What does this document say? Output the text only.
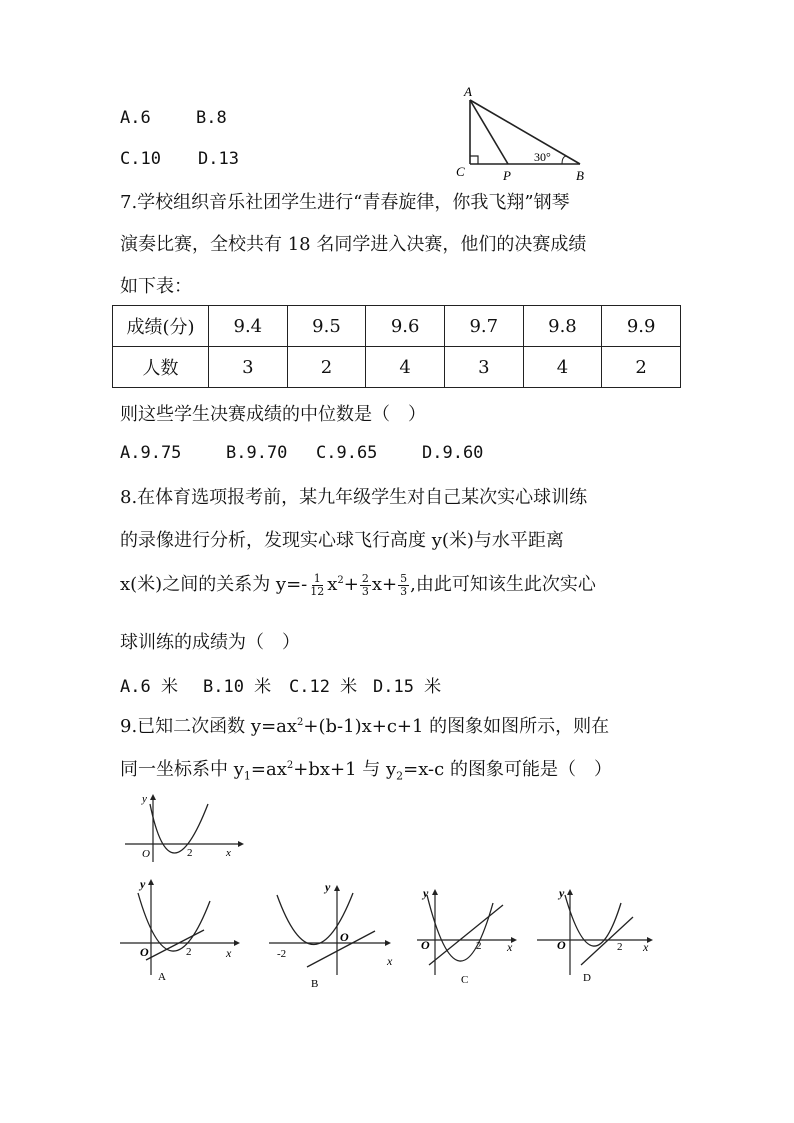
A.6	B.8
C.10 D.13
A
C	P	B
30°
7.学校组织音乐社团学生进行“青春旋律，你我飞翔”钢琴
演奏比赛，全校共有 18 名同学进入决赛，他们的决赛成绩
如下表：
成绩(分)	9.4	9.5	9.6	9.7	9.8	9.9
人数	3	2	4	3	4	2
则这些学生决赛成绩的中位数是（　）
A.9.75	B.9.70 C.9.65	D.9.60
8.在体育选项报考前，某九年级学生对自己某次实心球训练
的录像进行分析，发现实心球飞行高度 y(米)与水平距离
x(米)之间的关系为 $y=- \frac{1}{12} x^2+ \frac{2}{3} x+ \frac{5}{3}$ ,由此可知该生此次实心
球训练的成绩为（　）
A.6 米 B.10 米 C.12 米 D.15 米
9.已知二次函数 $y=ax^2+(b-1)x+c+1$ 的图象如图所示，则在
同一坐标系中 $y_1=ax^2+bx+1$ 与 $y_2=x-c$ 的图象可能是（　）
y
O	2	x
y
O	2	x
A
y
O
-2	x
B
y
O	2 x
C
y
O	2 x
D
